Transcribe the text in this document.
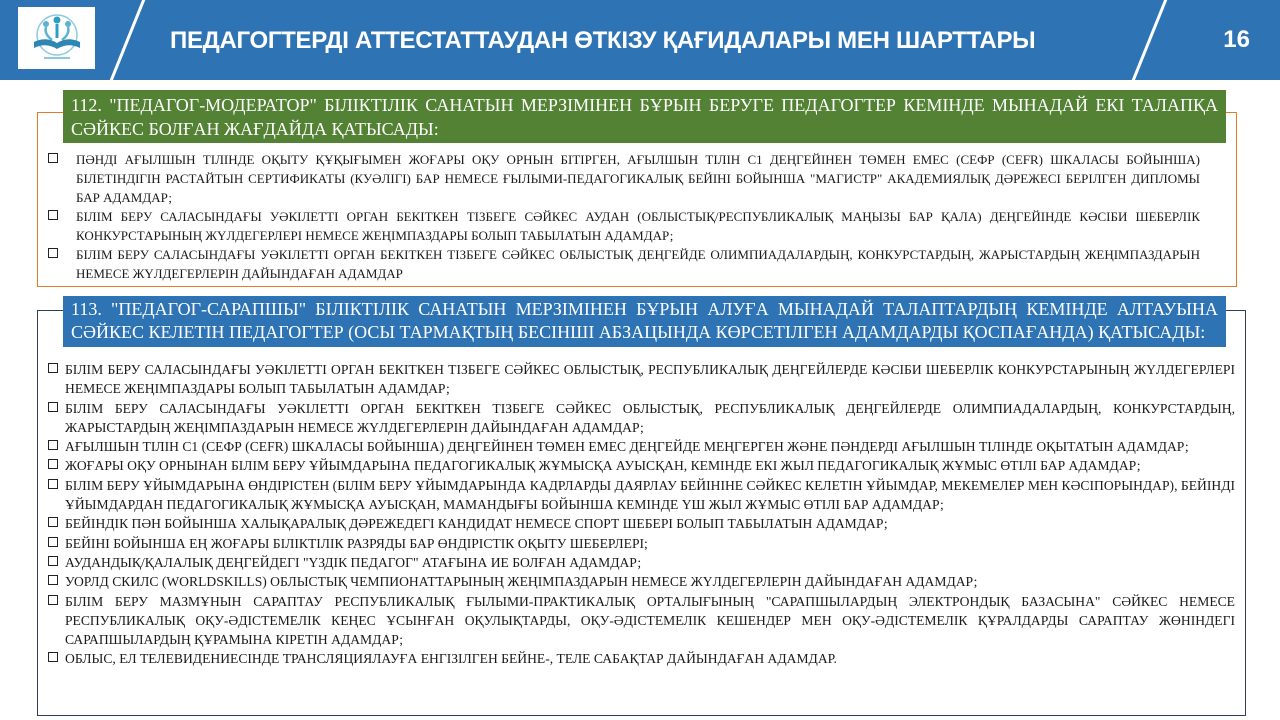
ПЕДАГОГТЕРДІ АТТЕСТАТТАУДАН ӨТКІЗУ ҚАҒИДАЛАРЫ МЕН ШАРТТАРЫ	16
112. "ПЕДАГОГ-МОДЕРАТОР" БІЛІКТІЛІК САНАТЫН МЕРЗІМІНЕН БҰРЫН БЕРУГЕ ПЕДАГОГТЕР КЕМІНДЕ МЫНАДАЙ ЕКІ ТАЛАПҚА СӘЙКЕС БОЛҒАН ЖАҒДАЙДА ҚАТЫСАДЫ:
ПӘНДІ АҒЫЛШЫН ТІЛІНДЕ ОҚЫТУ ҚҰҚЫҒЫМЕН ЖОҒАРЫ ОҚУ ОРНЫН БІТІРГЕН, АҒЫЛШЫН ТІЛІН С1 ДЕҢГЕЙІНЕН ТӨМЕН ЕМЕС (СЕФР (CEFR) ШКАЛАСЫ БОЙЫНША) БІЛЕТІНДІГІН РАСТАЙТЫН СЕРТИФИКАТЫ (КУӘЛІГІ) БАР НЕМЕСЕ ҒЫЛЫМИ-ПЕДАГОГИКАЛЫҚ БЕЙІНІ БОЙЫНША "МАГИСТР" АКАДЕМИЯЛЫҚ ДӘРЕЖЕСІ БЕРІЛГЕН ДИПЛОМЫ БАР АДАМДАР;
БІЛІМ БЕРУ САЛАСЫНДАҒЫ УӘКІЛЕТТІ ОРГАН БЕКІТКЕН ТІЗБЕГЕ СӘЙКЕС АУДАН (ОБЛЫСТЫҚ/РЕСПУБЛИКАЛЫҚ МАҢЫЗЫ БАР ҚАЛА) ДЕҢГЕЙІНДЕ КӘСІБИ ШЕБЕРЛІК КОНКУРСТАРЫНЫҢ ЖҮЛДЕГЕРЛЕРІ НЕМЕСЕ ЖЕҢІМПАЗДАРЫ БОЛЫП ТАБЫЛАТЫН АДАМДАР;
БІЛІМ БЕРУ САЛАСЫНДАҒЫ УӘКІЛЕТТІ ОРГАН БЕКІТКЕН ТІЗБЕГЕ СӘЙКЕС ОБЛЫСТЫҚ ДЕҢГЕЙДЕ ОЛИМПИАДАЛАРДЫҢ, КОНКУРСТАРДЫҢ, ЖАРЫСТАРДЫҢ ЖЕҢІМПАЗДАРЫН НЕМЕСЕ ЖҮЛДЕГЕРЛЕРІН ДАЙЫНДАҒАН АДАМДАР
113. "ПЕДАГОГ-САРАПШЫ" БІЛІКТІЛІК САНАТЫН МЕРЗІМІНЕН БҰРЫН АЛУҒА МЫНАДАЙ ТАЛАПТАРДЫҢ КЕМІНДЕ АЛТАУЫНА СӘЙКЕС КЕЛЕТІН ПЕДАГОГТЕР (ОСЫ ТАРМАҚТЫҢ БЕСІНШІ АБЗАЦЫНДА КӨРСЕТІЛГЕН АДАМДАРДЫ ҚОСПАҒАНДА) ҚАТЫСАДЫ:
БІЛІМ БЕРУ САЛАСЫНДАҒЫ УӘКІЛЕТТІ ОРГАН БЕКІТКЕН ТІЗБЕГЕ СӘЙКЕС ОБЛЫСТЫҚ, РЕСПУБЛИКАЛЫҚ ДЕҢГЕЙЛЕРДЕ КӘСІБИ ШЕБЕРЛІК КОНКУРСТАРЫНЫҢ ЖҮЛДЕГЕРЛЕРІ НЕМЕСЕ ЖЕҢІМПАЗДАРЫ БОЛЫП ТАБЫЛАТЫН АДАМДАР;
БІЛІМ БЕРУ САЛАСЫНДАҒЫ УӘКІЛЕТТІ ОРГАН БЕКІТКЕН ТІЗБЕГЕ СӘЙКЕС ОБЛЫСТЫҚ, РЕСПУБЛИКАЛЫҚ ДЕҢГЕЙЛЕРДЕ ОЛИМПИАДАЛАРДЫҢ, КОНКУРСТАРДЫҢ, ЖАРЫСТАРДЫҢ ЖЕҢІМПАЗДАРЫН НЕМЕСЕ ЖҮЛДЕГЕРЛЕРІН ДАЙЫНДАҒАН АДАМДАР;
АҒЫЛШЫН ТІЛІН С1 (СЕФР (CEFR) ШКАЛАСЫ БОЙЫНША) ДЕҢГЕЙІНЕН ТӨМЕН ЕМЕС ДЕҢГЕЙДЕ МЕҢГЕРГЕН ЖӘНЕ ПӘНДЕРДІ АҒЫЛШЫН ТІЛІНДЕ ОҚЫТАТЫН АДАМДАР;
ЖОҒАРЫ ОҚУ ОРНЫНАН БІЛІМ БЕРУ ҰЙЫМДАРЫНА ПЕДАГОГИКАЛЫҚ ЖҰМЫСҚА АУЫСҚАН, КЕМІНДЕ ЕКІ ЖЫЛ ПЕДАГОГИКАЛЫҚ ЖҰМЫС ӨТІЛІ БАР АДАМДАР;
БІЛІМ БЕРУ ҰЙЫМДАРЫНА ӨНДІРІСТЕН (БІЛІМ БЕРУ ҰЙЫМДАРЫНДА КАДРЛАРДЫ ДАЯРЛАУ БЕЙІНІНЕ СӘЙКЕС КЕЛЕТІН ҰЙЫМДАР, МЕКЕМЕЛЕР МЕН КӘСІПОРЫНДАР), БЕЙІНДІ ҰЙЫМДАРДАН ПЕДАГОГИКАЛЫҚ ЖҰМЫСҚА АУЫСҚАН, МАМАНДЫҒЫ БОЙЫНША КЕМІНДЕ ҮШ ЖЫЛ ЖҰМЫС ӨТІЛІ БАР АДАМДАР;
БЕЙІНДІК ПӘН БОЙЫНША ХАЛЫҚАРАЛЫҚ ДӘРЕЖЕДЕГІ КАНДИДАТ НЕМЕСЕ СПОРТ ШЕБЕРІ БОЛЫП ТАБЫЛАТЫН АДАМДАР;
БЕЙІНІ БОЙЫНША ЕҢ ЖОҒАРЫ БІЛІКТІЛІК РАЗРЯДЫ БАР ӨНДІРІСТІК ОҚЫТУ ШЕБЕРЛЕРІ;
АУДАНДЫҚ/ҚАЛАЛЫҚ ДЕҢГЕЙДЕГІ "ҮЗДІК ПЕДАГОГ" АТАҒЫНА ИЕ БОЛҒАН АДАМДАР;
УОРЛД СКИЛС (WORLDSKILLS) ОБЛЫСТЫҚ ЧЕМПИОНАТТАРЫНЫҢ ЖЕҢІМПАЗДАРЫН НЕМЕСЕ ЖҮЛДЕГЕРЛЕРІН ДАЙЫНДАҒАН АДАМДАР;
БІЛІМ БЕРУ МАЗМҰНЫН САРАПТАУ РЕСПУБЛИКАЛЫҚ ҒЫЛЫМИ-ПРАКТИКАЛЫҚ ОРТАЛЫҒЫНЫҢ "САРАПШЫЛАРДЫҢ ЭЛЕКТРОНДЫҚ БАЗАСЫНА" СӘЙКЕС НЕМЕСЕ РЕСПУБЛИКАЛЫҚ ОҚУ-ӘДІСТЕМЕЛІК КЕҢЕС ҰСЫНҒАН ОҚУЛЫҚТАРДЫ, ОҚУ-ӘДІСТЕМЕЛІК КЕШЕНДЕР МЕН ОҚУ-ӘДІСТЕМЕЛІК ҚҰРАЛДАРДЫ САРАПТАУ ЖӨНІНДЕГІ САРАПШЫЛАРДЫҢ ҚҰРАМЫНА КІРЕТІН АДАМДАР;
ОБЛЫС, ЕЛ ТЕЛЕВИДЕНИЕСІНДЕ ТРАНСЛЯЦИЯЛАУҒА ЕНГІЗІЛГЕН БЕЙНЕ-, ТЕЛЕ САБАҚТАР ДАЙЫНДАҒАН АДАМДАР.
